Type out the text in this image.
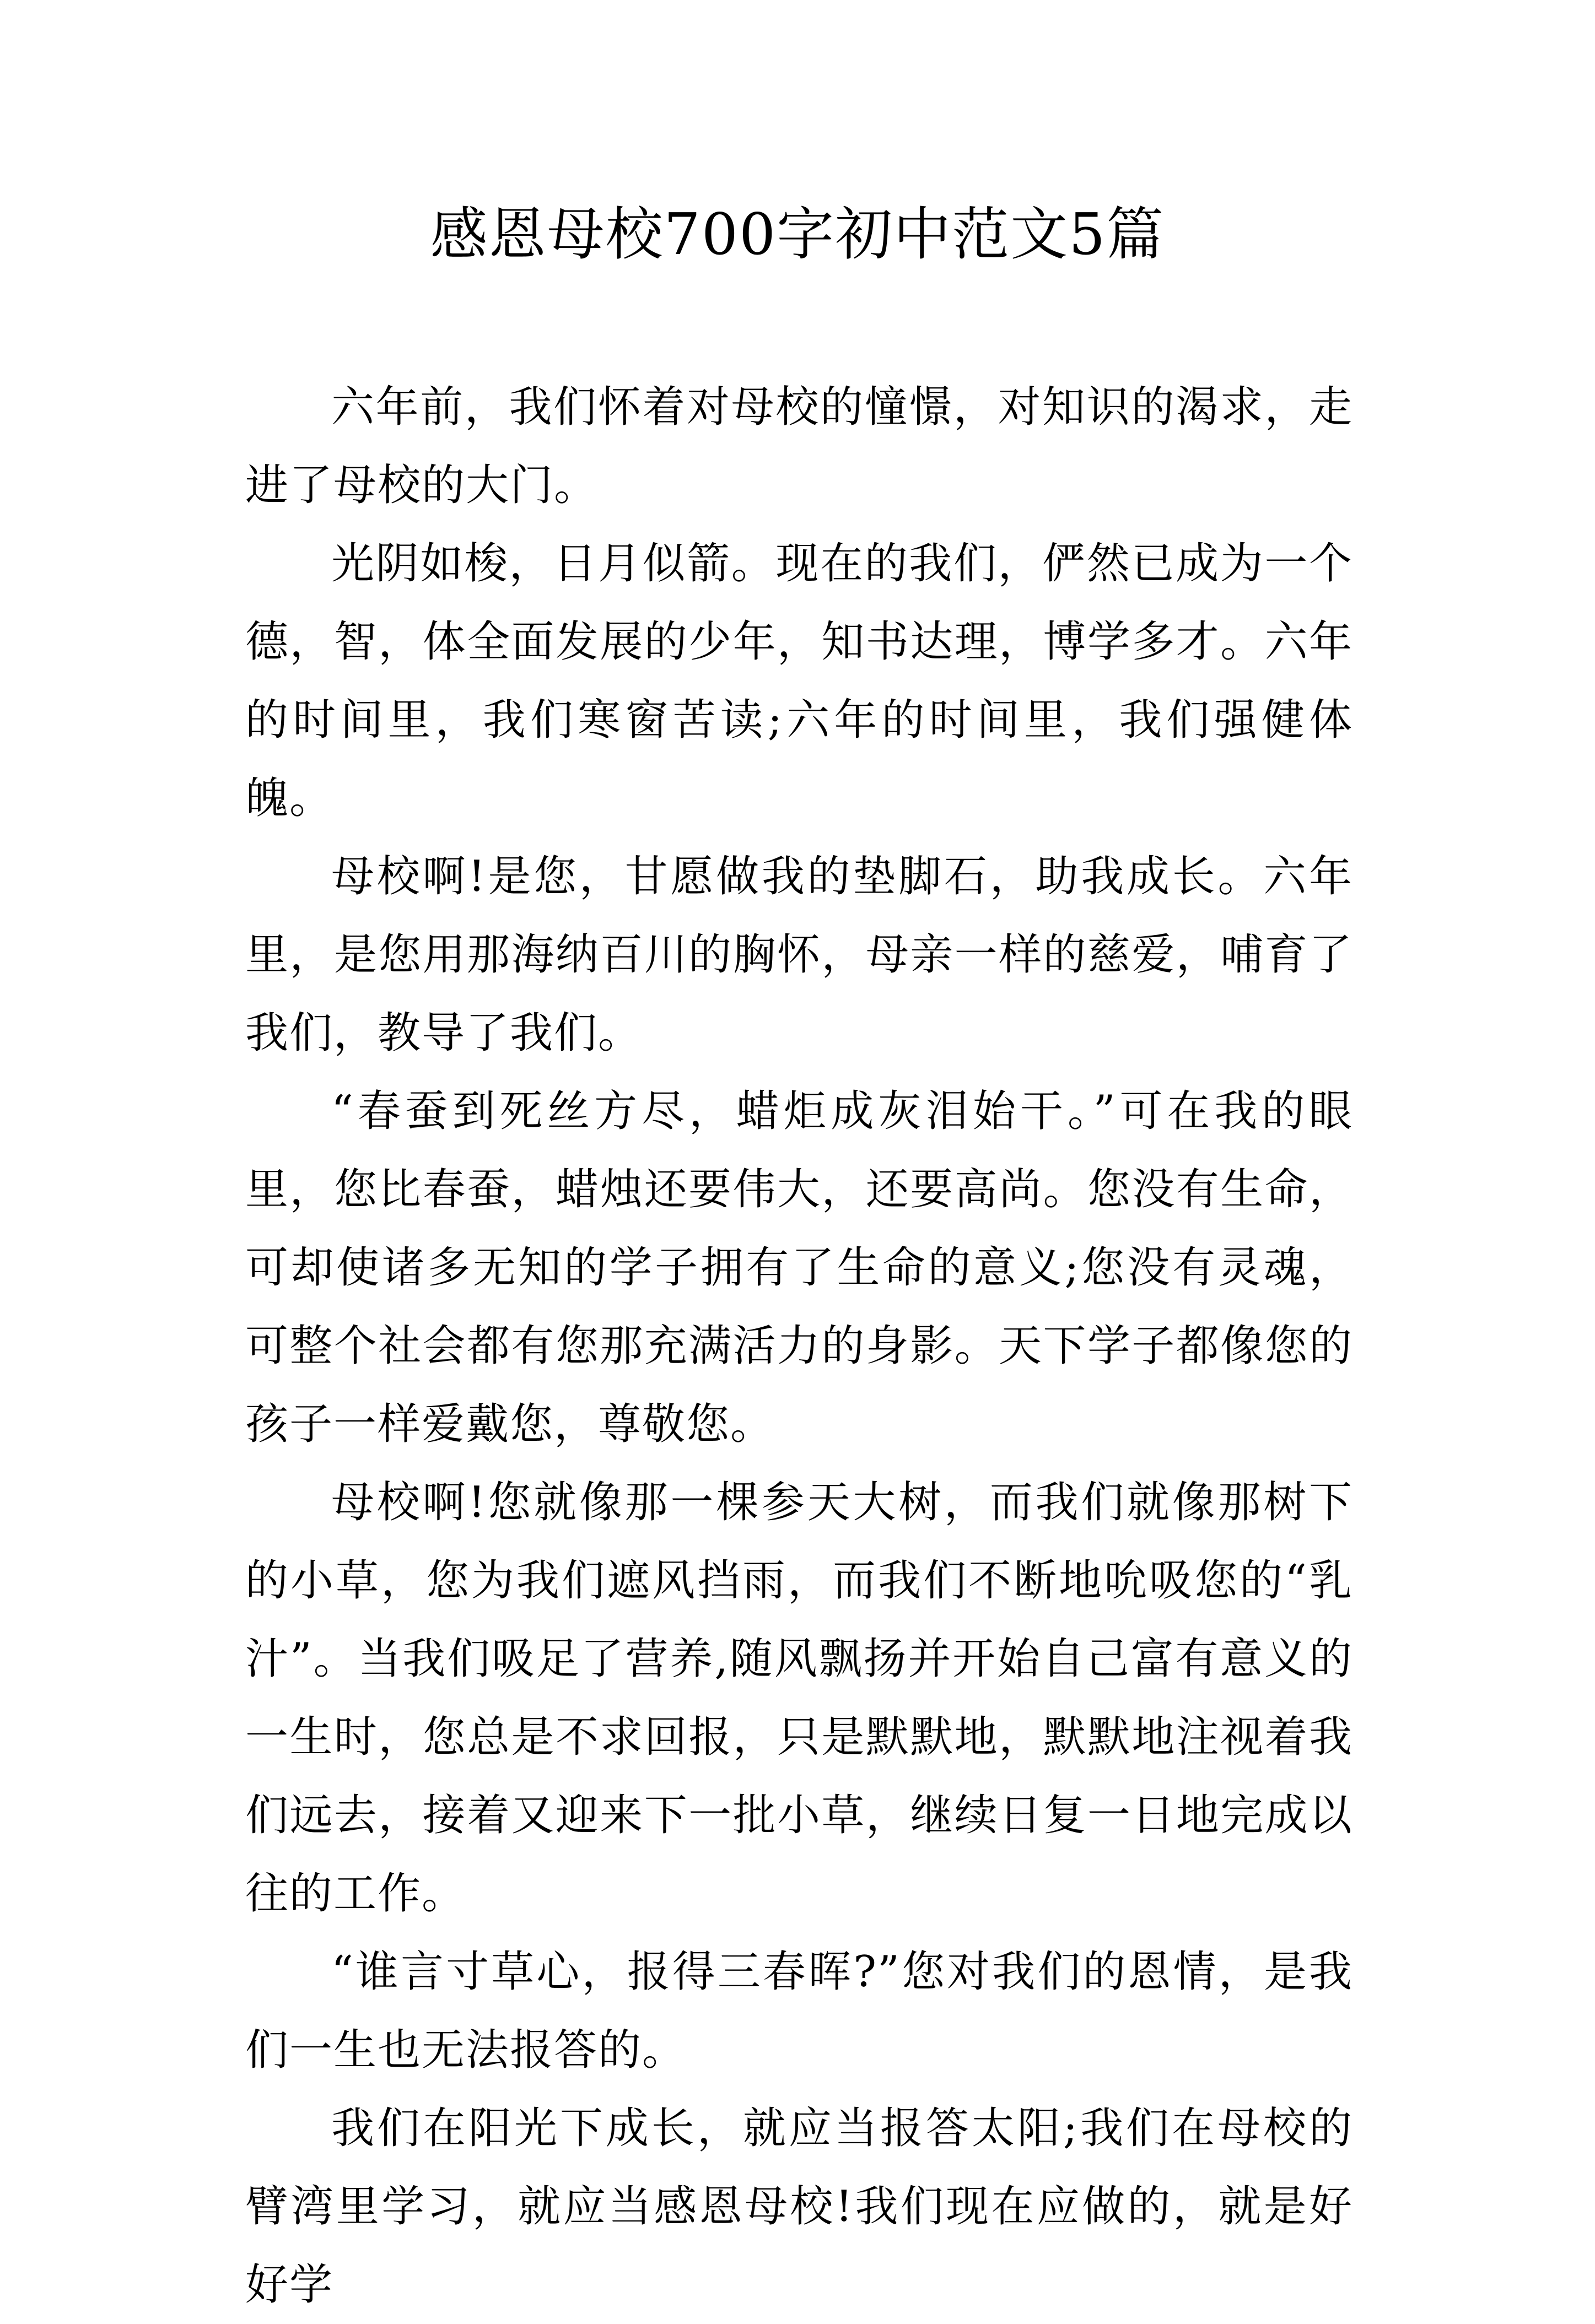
感恩母校700字初中范文5篇

六年前，我们怀着对母校的憧憬，对知识的渴求，走进了母校的大门。

光阴如梭，日月似箭。现在的我们，俨然已成为一个德，智，体全面发展的少年，知书达理，博学多才。六年的时间里，我们寒窗苦读;六年的时间里，我们强健体魄。

母校啊!是您，甘愿做我的垫脚石，助我成长。六年里，是您用那海纳百川的胸怀，母亲一样的慈爱，哺育了我们，教导了我们。

“春蚕到死丝方尽，蜡炬成灰泪始干。”可在我的眼里，您比春蚕，蜡烛还要伟大，还要高尚。您没有生命，可却使诸多无知的学子拥有了生命的意义;您没有灵魂，可整个社会都有您那充满活力的身影。天下学子都像您的孩子一样爱戴您，尊敬您。

母校啊!您就像那一棵参天大树，而我们就像那树下的小草，您为我们遮风挡雨，而我们不断地吮吸您的“乳汁”。当我们吸足了营养,随风飘扬并开始自己富有意义的一生时，您总是不求回报，只是默默地，默默地注视着我们远去，接着又迎来下一批小草，继续日复一日地完成以往的工作。

“谁言寸草心，报得三春晖?”您对我们的恩情，是我们一生也无法报答的。

我们在阳光下成长，就应当报答太阳;我们在母校的臂湾里学习，就应当感恩母校!我们现在应做的，就是好好学
